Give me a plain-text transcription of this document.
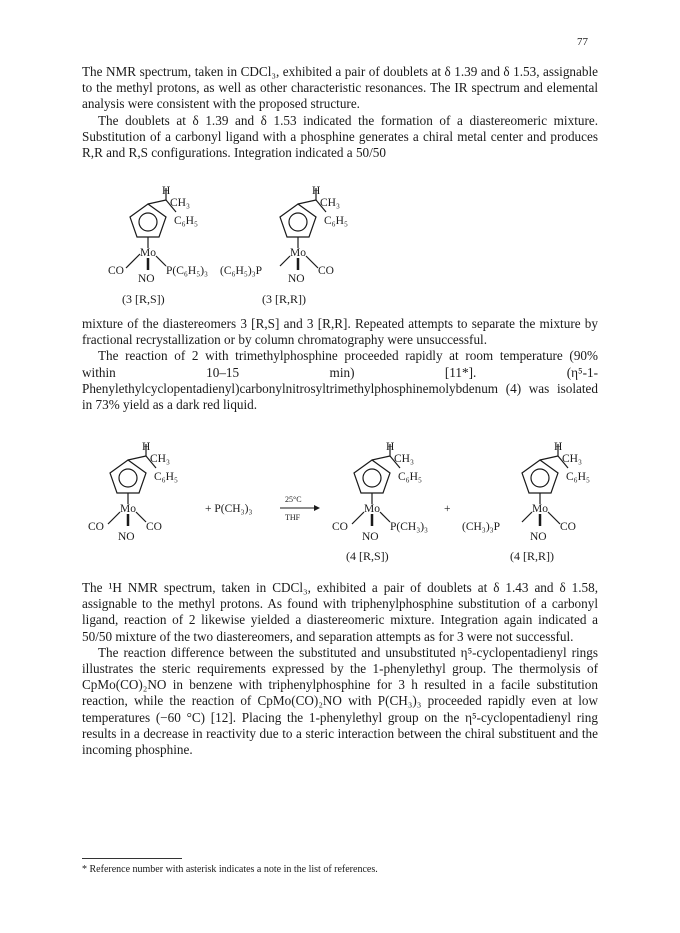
77

The NMR spectrum, taken in CDCl₃, exhibited a pair of doublets at δ 1.39 and δ 1.53, assignable to the methyl protons, as well as other characteristic resonances. The IR spectrum and elemental analysis were consistent with the proposed structure.

The doublets at δ 1.39 and δ 1.53 indicated the formation of a diastereomeric mixture. Substitution of a carbonyl ligand with a phosphine generates a chiral metal center and produces R,R and R,S configurations. Integration indicated a 50/50

H
CH₃
C₆H₅
Mo
CO
NO
P(C₆H₅)₃
(3 [R,S])
H
CH₃
C₆H₅
Mo
(C₆H₅)₃P
NO
CO
(3 [R,R])

mixture of the diastereomers 3 [R,S] and 3 [R,R]. Repeated attempts to separate the mixture by fractional recrystallization or by column chromatography were unsuccessful.

The reaction of 2 with trimethylphosphine proceeded rapidly at room temperature (90% within 10–15 min) [11*]. (η⁵-1-Phenylethylcyclopentadienyl)carbonylnitrosyltrimethylphosphinemolybdenum (4) was isolated in 73% yield as a dark red liquid.

H
CH₃
C₆H₅
Mo
CO
NO
CO
+ P(CH₃)₃
25°C
THF
H
CH₃
C₆H₅
Mo
CO
NO
P(CH₃)₃
(4 [R,S])
+
H
CH₃
C₆H₅
Mo
(CH₃)₃P
NO
CO
(4 [R,R])

The ¹H NMR spectrum, taken in CDCl₃, exhibited a pair of doublets at δ 1.43 and δ 1.58, assignable to the methyl protons. As found with triphenylphosphine substitution of a carbonyl ligand, reaction of 2 likewise yielded a diastereomeric mixture. Integration again indicated a 50/50 mixture of the two diastereomers, and separation attempts as for 3 were not successful.

The reaction difference between the substituted and unsubstituted η⁵-cyclopentadienyl rings illustrates the steric requirements expressed by the 1-phenylethyl group. The thermolysis of CpMo(CO)₂NO in benzene with triphenylphosphine for 3 h resulted in a facile substitution reaction, while the reaction of CpMo(CO)₂NO with P(CH₃)₃ proceeded rapidly even at low temperatures (−60 °C) [12]. Placing the 1-phenylethyl group on the η⁵-cyclopentadienyl ring results in a decrease in reactivity due to a steric interaction between the chiral substituent and the incoming phosphine.

* Reference number with asterisk indicates a note in the list of references.
